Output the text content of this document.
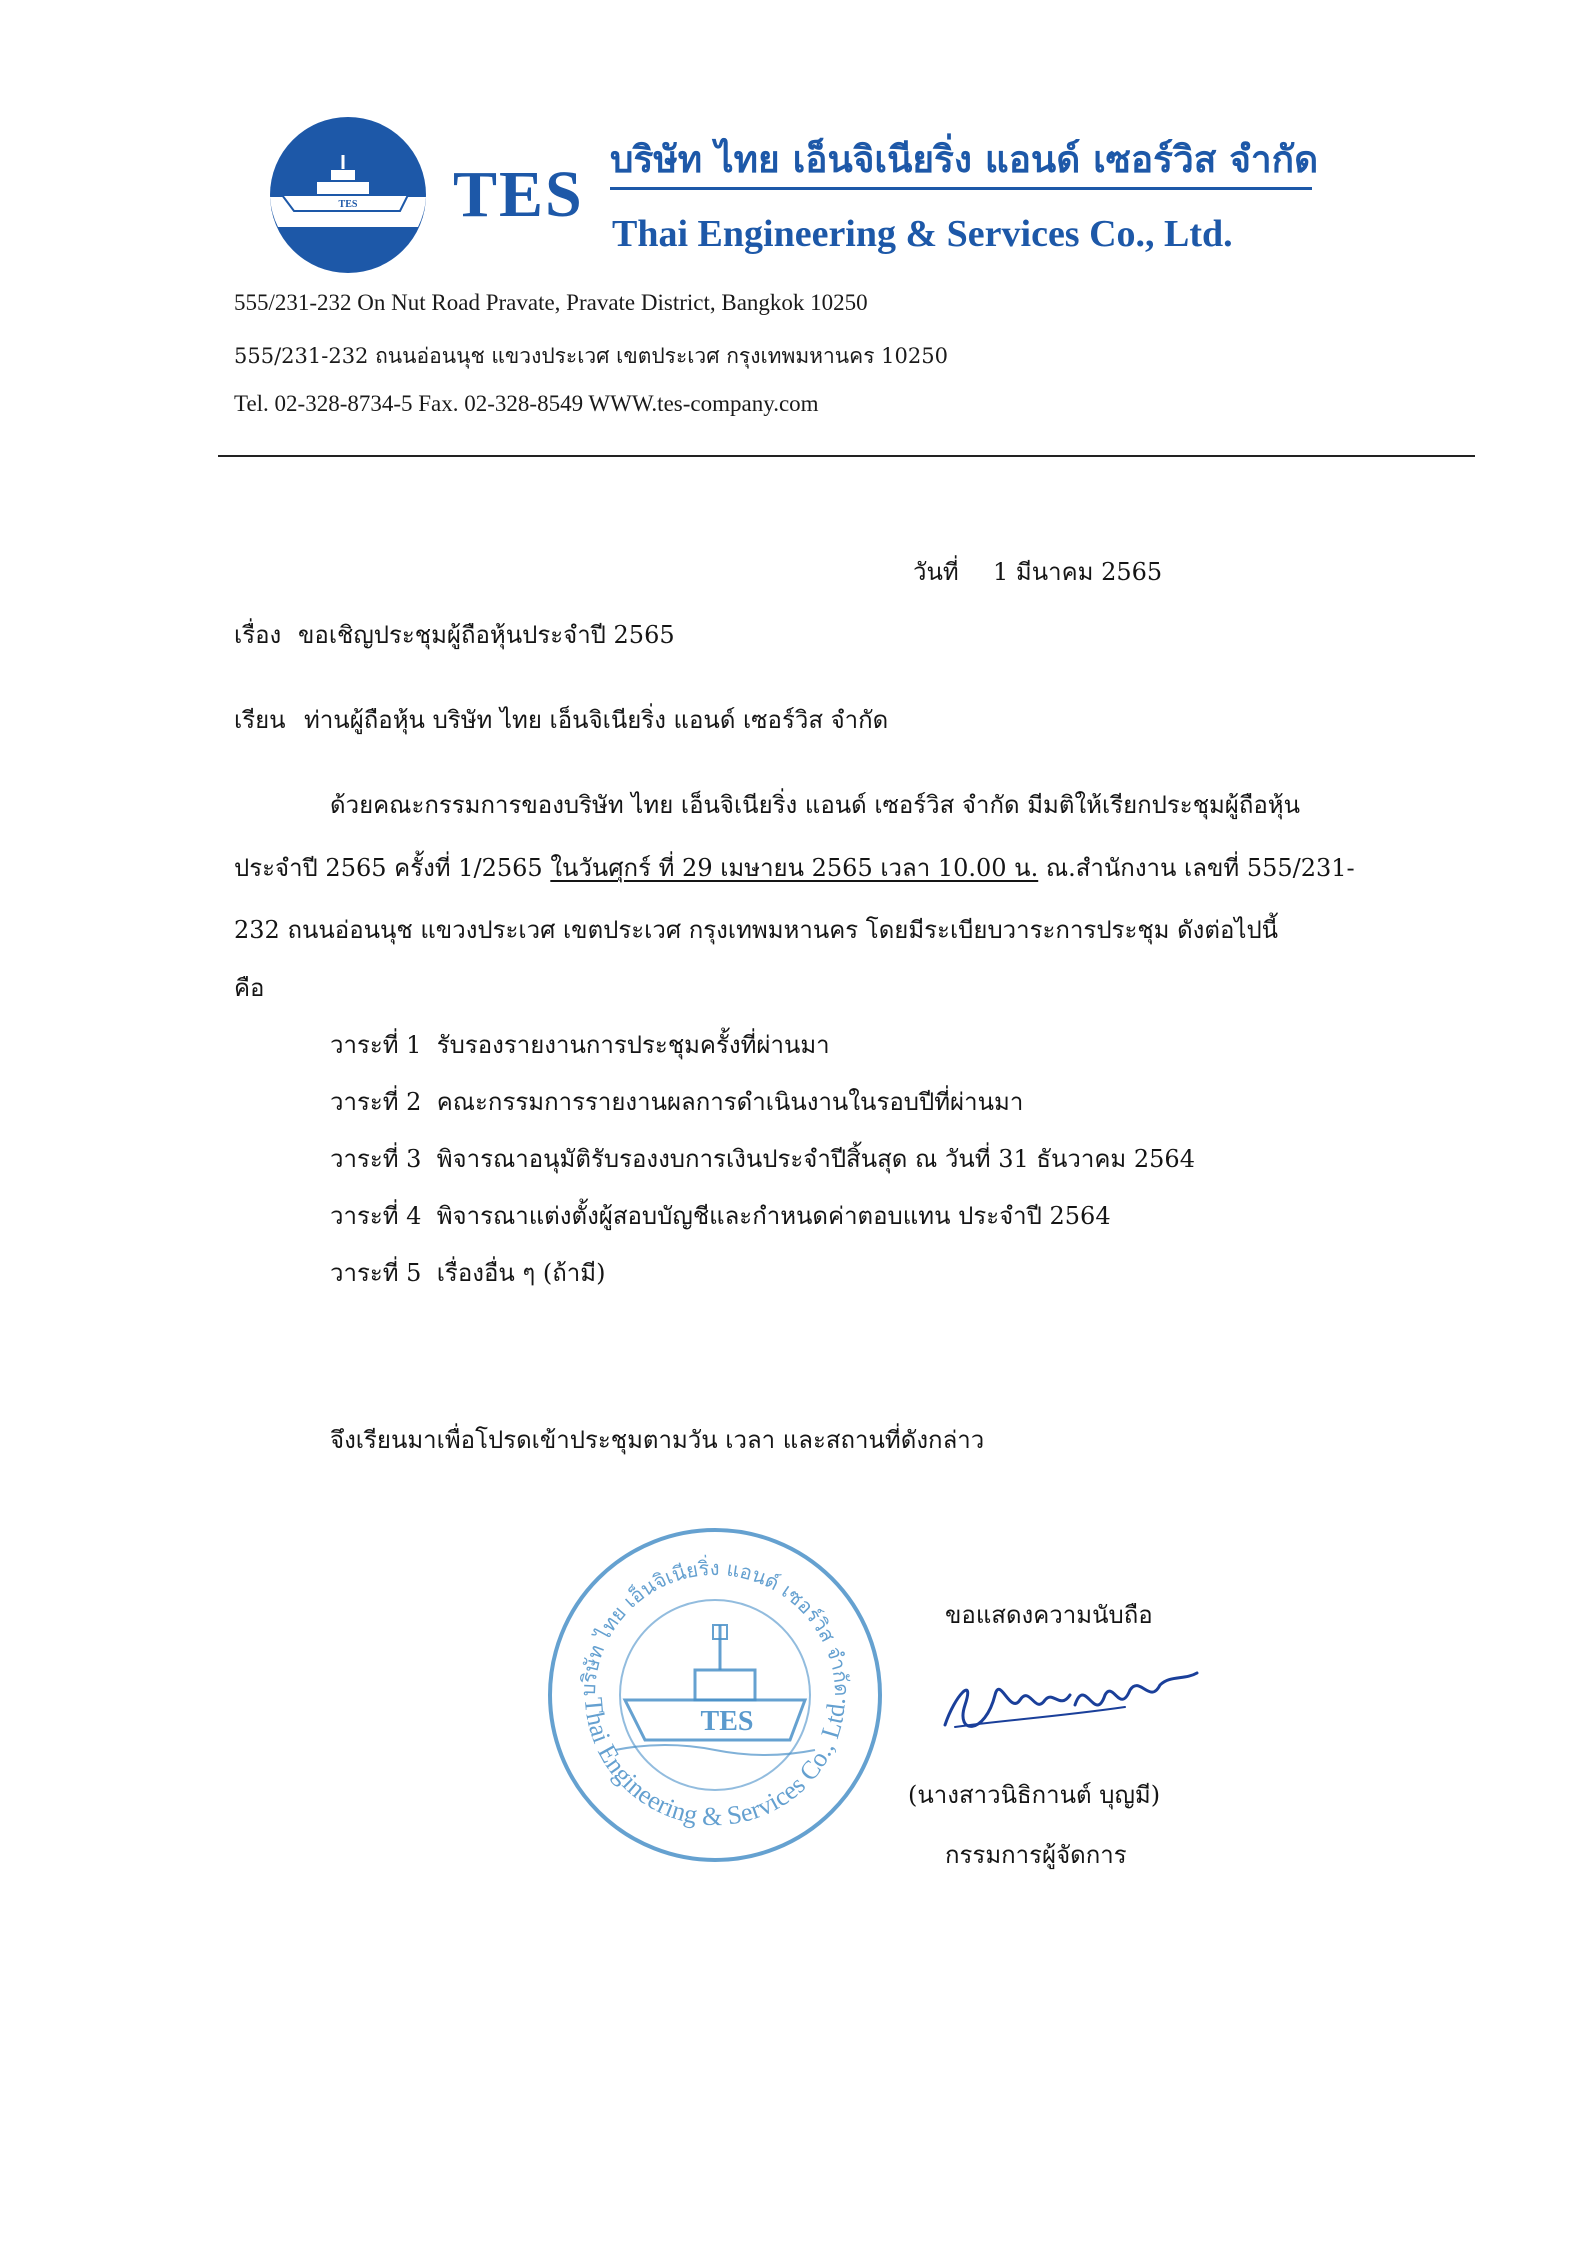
TES TES บริษัท ไทย เอ็นจิเนียริ่ง แอนด์ เซอร์วิส จำกัด
Thai Engineering & Services Co., Ltd.
555/231-232 On Nut Road Pravate, Pravate District, Bangkok 10250
555/231-232 ถนนอ่อนนุช แขวงประเวศ เขตประเวศ กรุงเทพมหานคร 10250
Tel. 02-328-8734-5 Fax. 02-328-8549 WWW.tes-company.com
วันที่ 1 มีนาคม 2565
เรื่อง ขอเชิญประชุมผู้ถือหุ้นประจำปี 2565
เรียน ท่านผู้ถือหุ้น บริษัท ไทย เอ็นจิเนียริ่ง แอนด์ เซอร์วิส จำกัด
ด้วยคณะกรรมการของบริษัท ไทย เอ็นจิเนียริ่ง แอนด์ เซอร์วิส จำกัด มีมติให้เรียกประชุมผู้ถือหุ้น
ประจำปี 2565 ครั้งที่ 1/2565 ในวันศุกร์ ที่ 29 เมษายน 2565 เวลา 10.00 น. ณ.สำนักงาน เลขที่ 555/231-
232 ถนนอ่อนนุช แขวงประเวศ เขตประเวศ กรุงเทพมหานคร โดยมีระเบียบวาระการประชุม ดังต่อไปนี้
คือ
วาระที่ 1 รับรองรายงานการประชุมครั้งที่ผ่านมา
วาระที่ 2 คณะกรรมการรายงานผลการดำเนินงานในรอบปีที่ผ่านมา
วาระที่ 3 พิจารณาอนุมัติรับรองงบการเงินประจำปีสิ้นสุด ณ วันที่ 31 ธันวาคม 2564
วาระที่ 4 พิจารณาแต่งตั้งผู้สอบบัญชีและกำหนดค่าตอบแทน ประจำปี 2564
วาระที่ 5 เรื่องอื่น ๆ (ถ้ามี)
จึงเรียนมาเพื่อโปรดเข้าประชุมตามวัน เวลา และสถานที่ดังกล่าว
บริษัท ไทย เอ็นจิเนียริ่ง แอนด์ เซอร์วิส จำกัด
Thai Engineering & Services Co., Ltd.
TES
ขอแสดงความนับถือ
(นางสาวนิธิกานต์ บุญมี)
กรรมการผู้จัดการ
